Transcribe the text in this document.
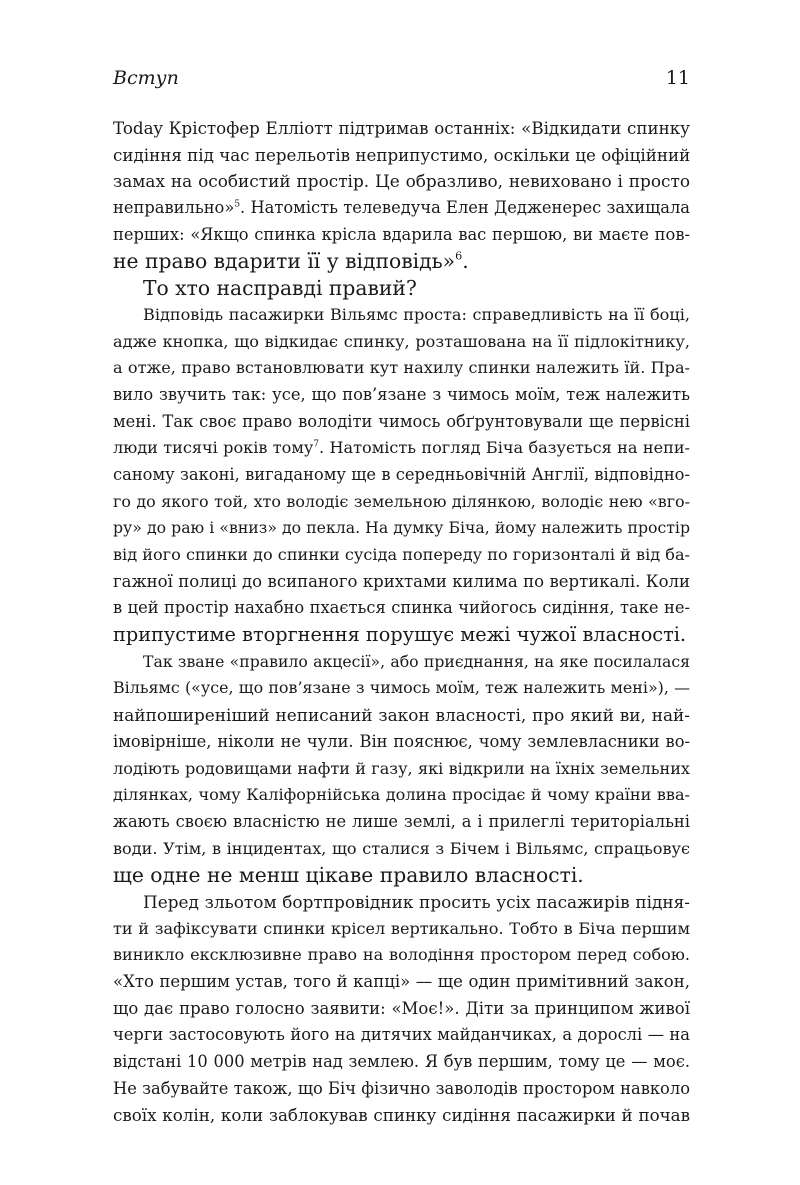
Вступ	11
Today Крістофер Елліотт підтримав останніх: «Відкидати спинку
сидіння під час перельотів неприпустимо, оскільки це офіційний
замах на особистий простір. Це образливо, невиховано і просто
неправильно»$^5$. Натомість телеведуча Елен Дедженерес захищала
перших: «Якщо спинка крісла вдарила вас першою, ви маєте пов-
не право вдарити її у відповідь»$^6$.
То хто насправді правий?
Відповідь пасажирки Вільямс проста: справедливість на її боці,
адже кнопка, що відкидає спинку, розташована на її підлокітнику,
а отже, право встановлювати кут нахилу спинки належить їй. Пра-
вило звучить так: усе, що пов’язане з чимось моїм, теж належить
мені. Так своє право володіти чимось обґрунтовували ще первісні
люди тисячі років тому$^7$. Натомість погляд Біча базується на непи-
саному законі, вигаданому ще в середньовічній Англії, відповідно-
го до якого той, хто володіє земельною ділянкою, володіє нею «вго-
ру» до раю і «вниз» до пекла. На думку Біча, йому належить простір
від його спинки до спинки сусіда попереду по горизонталі й від ба-
гажної полиці до всипаного крихтами килима по вертикалі. Коли
в цей простір нахабно пхається спинка чийогось сидіння, таке не-
припустиме вторгнення порушує межі чужої власності.
Так зване «правило акцесії», або приєднання, на яке посилалася
Вільямс («усе, що пов’язане з чимось моїм, теж належить мені»), —
найпоширеніший неписаний закон власності, про який ви, най-
імовірніше, ніколи не чули. Він пояснює, чому землевласники во-
лодіють родовищами нафти й газу, які відкрили на їхніх земельних
ділянках, чому Каліфорнійська долина просідає й чому країни вва-
жають своєю власністю не лише землі, а і прилеглі територіальні
води. Утім, в інцидентах, що сталися з Бічем і Вільямс, спрацьовує
ще одне не менш цікаве правило власності.
Перед зльотом бортпровідник просить усіх пасажирів підня-
ти й зафіксувати спинки крісел вертикально. Тобто в Біча першим
виникло ексклюзивне право на володіння простором перед собою.
«Хто першим устав, того й капці» — ще один примітивний закон,
що дає право голосно заявити: «Моє!». Діти за принципом живої
черги застосовують його на дитячих майданчиках, а дорослі — на
відстані 10 000 метрів над землею. Я був першим, тому це — моє.
Не забувайте також, що Біч фізично заволодів простором навколо
своїх колін, коли заблокував спинку сидіння пасажирки й почав
